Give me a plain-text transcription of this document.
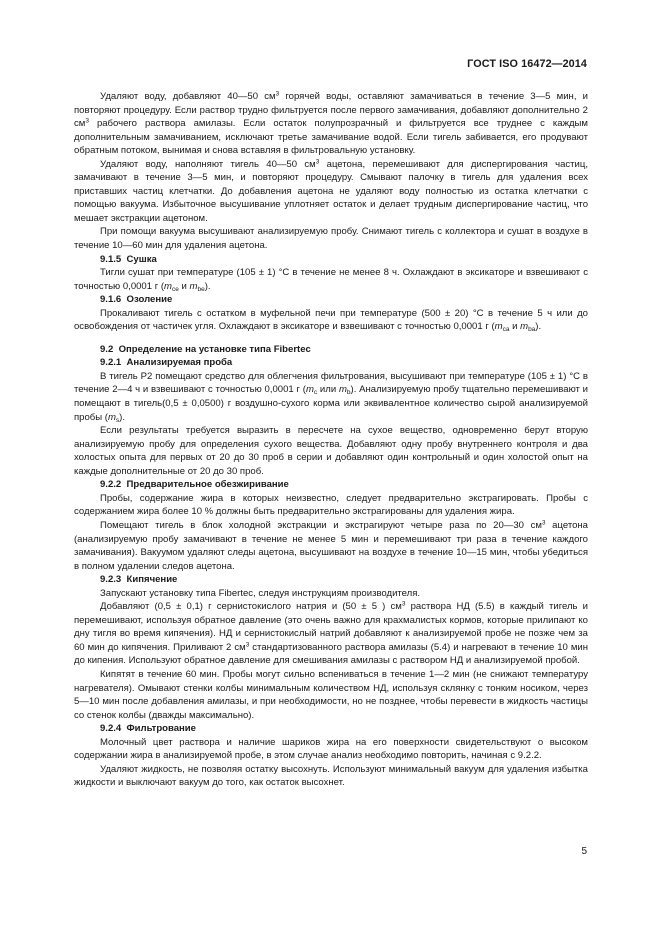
ГОСТ ISO 16472—2014

Удаляют воду, добавляют 40—50 $см^3$ горячей воды, оставляют замачиваться в течение 3—5 мин, и повторяют процедуру. Если раствор трудно фильтруется после первого замачивания, добавляют дополнительно 2 $см^3$ рабочего раствора амилазы. Если остаток полупрозрачный и фильтруется все труднее с каждым дополнительным замачиванием, исключают третье замачивание водой. Если тигель забивается, его продувают обратным потоком, вынимая и снова вставляя в фильтровальную установку.

Удаляют воду, наполняют тигель 40—50 $см^3$ ацетона, перемешивают для диспергирования частиц, замачивают в течение 3—5 мин, и повторяют процедуру. Смывают палочку в тигель для удаления всех приставших частиц клетчатки. До добавления ацетона не удаляют воду полностью из остатка клетчатки с помощью вакуума. Избыточное высушивание уплотняет остаток и делает трудным диспергирование частиц, что мешает экстракции ацетоном.

При помощи вакуума высушивают анализируемую пробу. Снимают тигель с коллектора и сушат в воздухе в течение 10—60 мин для удаления ацетона.

9.1.5  Сушка

Тигли сушат при температуре (105 ± 1) °С в течение не менее 8 ч. Охлаждают в эксикаторе и взвешивают с точностью 0,0001 г ($m_{ce}$ и $m_{be}$).

9.1.6  Озоление

Прокаливают тигель с остатком в муфельной печи при температуре (500 ± 20) °С в течение 5 ч или до освобождения от частичек угля. Охлаждают в эксикаторе и взвешивают с точностью 0,0001 г ($m_{ca}$ и $m_{ba}$).

9.2  Определение на установке типа Fibertec
9.2.1  Анализируемая проба

В тигель P2 помещают средство для облегчения фильтрования, высушивают при температуре (105 ± 1) °С в течение 2—4 ч и взвешивают с точностью 0,0001 г ($m_c$ или $m_b$). Анализируемую пробу тщательно перемешивают и помещают в тигель(0,5 ± 0,0500) г воздушно-сухого корма или эквивалентное количество сырой анализируемой пробы $(m_s)$.

Если результаты требуется выразить в пересчете на сухое вещество, одновременно берут вторую анализируемую пробу для определения сухого вещества. Добавляют одну пробу внутреннего контроля и два холостых опыта для первых от 20 до 30 проб в серии и добавляют один контрольный и один холостой опыт на каждые дополнительные от 20 до 30 проб.

9.2.2  Предварительное обезжиривание

Пробы, содержание жира в которых неизвестно, следует предварительно экстрагировать. Пробы с содержанием жира более 10 % должны быть предварительно экстрагированы для удаления жира.

Помещают тигель в блок холодной экстракции и экстрагируют четыре раза по 20—30 $см^3$ ацетона (анализируемую пробу замачивают в течение не менее 5 мин и перемешивают три раза в течение каждого замачивания). Вакуумом удаляют следы ацетона, высушивают на воздухе в течение 10—15 мин, чтобы убедиться в полном удалении следов ацетона.

9.2.3  Кипячение

Запускают установку типа Fibertec, следуя инструкциям производителя.

Добавляют (0,5 ± 0,1) г сернистокислого натрия и (50 ± 5 ) $см^3$ раствора НД (5.5) в каждый тигель и перемешивают, используя обратное давление (это очень важно для крахмалистых кормов, которые прилипают ко дну тигля во время кипячения). НД и сернистокислый натрий добавляют к анализируемой пробе не позже чем за 60 мин до кипячения. Приливают 2 $см^3$ стандартизованного раствора амилазы (5.4) и нагревают в течение 10 мин до кипения. Используют обратное давление для смешивания амилазы с раствором НД и анализируемой пробой.

Кипятят в течение 60 мин. Пробы могут сильно вспениваться в течение 1—2 мин (не снижают температуру нагревателя). Омывают стенки колбы минимальным количеством НД, используя склянку с тонким носиком, через 5—10 мин после добавления амилазы, и при необходимости, но не позднее, чтобы перевести в жидкость частицы со стенок колбы (дважды максимально).

9.2.4  Фильтрование

Молочный цвет раствора и наличие шариков жира на его поверхности свидетельствуют о высоком содержании жира в анализируемой пробе, в этом случае анализ необходимо повторить, начиная с 9.2.2.

Удаляют жидкость, не позволяя остатку высохнуть. Используют минимальный вакуум для удаления избытка жидкости и выключают вакуум до того, как остаток высохнет.

5
